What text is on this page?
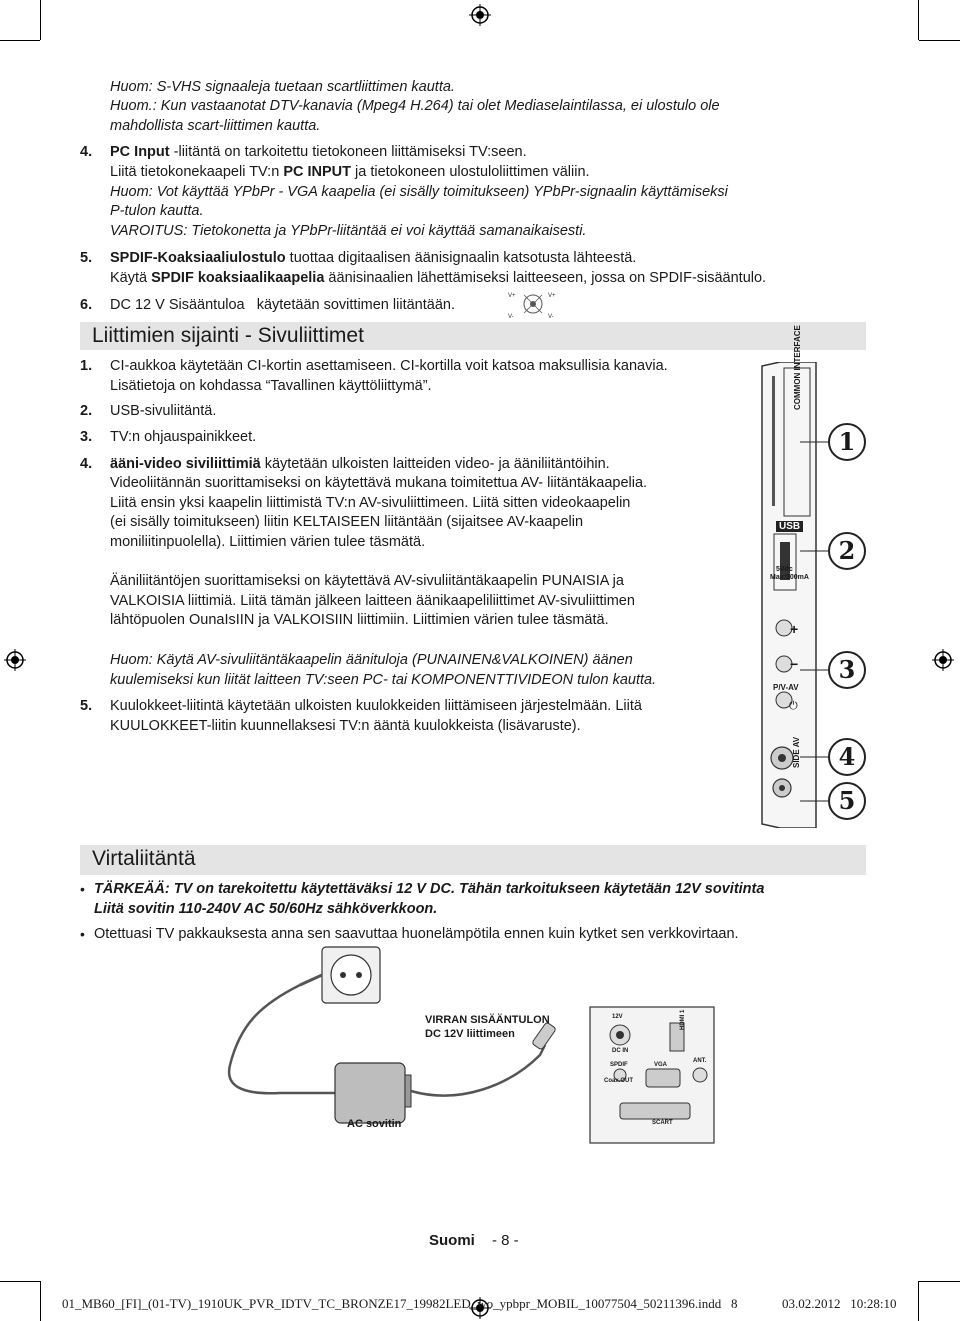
Huom: S-VHS signaaleja tuetaan scartliittimen kautta.
Huom.: Kun vastaanotat DTV-kanavia (Mpeg4 H.264) tai olet Mediaselaintilassa, ei ulostulo ole
mahdollista scart-liittimen kautta.
4. PC Input -liitäntä on tarkoitettu tietokoneen liittämiseksi TV:seen.
Liitä tietokonekaapeli TV:n PC INPUT ja tietokoneen ulostuloliittimen väliin.
Huom: Vot käyttää YPbPr - VGA kaapelia (ei sisälly toimitukseen) YPbPr-signaalin käyttämiseksi
P-tulon kautta.
VAROITUS: Tietokonetta ja YPbPr-liitäntää ei voi käyttää samanaikaisesti.
5. SPDIF-Koaksiaaliulostulo tuottaa digitaalisen äänisignaalin katsotusta lähteestä.
Käytä SPDIF koaksiaalikaapelia äänisinaalien lähettämiseksi laitteeseen, jossa on SPDIF-sisääntulo.
6. DC 12 V Sisääntuloa   käytetään sovittimen liitäntään.
V+	V+
V-	V-
Liittimien sijainti - Sivuliittimet
1. CI-aukkoa käytetään CI-kortin asettamiseen. CI-kortilla voit katsoa maksullisia kanavia.
Lisätietoja on kohdassa “Tavallinen käyttöliittymä”.
2. USB-sivuliitäntä.
3. TV:n ohjauspainikkeet.
4. ääni-video siviliittimiä käytetään ulkoisten laitteiden video- ja ääniliitäntöihin.
Videoliitännän suorittamiseksi on käytettävä mukana toimitettua AV- liitäntäkaapelia.
Liitä ensin yksi kaapelin liittimistä TV:n AV-sivuliittimeen. Liitä sitten videokaapelin
(ei sisälly toimitukseen) liitin KELTAISEEN liitäntään (sijaitsee AV-kaapelin
moniliitinpuolella). Liittimien värien tulee täsmätä.
Ääniliitäntöjen suorittamiseksi on käytettävä AV-sivuliitäntäkaapelin PUNAISIA ja
VALKOISIA liittimiä. Liitä tämän jälkeen laitteen äänikaapeliliittimet AV-sivuliittimen
lähtöpuolen OunaIsIIN ja VALKOISIIN liittimiin. Liittimien värien tulee täsmätä.
Huom: Käytä AV-sivuliitäntäkaapelin äänituloja (PUNAINEN&VALKOINEN) äänen
kuulemiseksi kun liität laitteen TV:seen PC- tai KOMPONENTTIVIDEON tulon kautta.
5. Kuulokkeet-liitintä käytetään ulkoisten kuulokkeiden liittämiseen järjestelmään. Liitä
KUULOKKEET-liitin kuunnellaksesi TV:n ääntä kuulokkeista (lisävaruste).
COMMON INTERFACE
USB
5Vdc
Max:500mA
+
−
P/V-AV
⏻
SIDE AV
1
2
3
4
5
Virtaliitäntä
• TÄRKEÄÄ: TV on tarekoitettu käytettäväksi 12 V DC. Tähän tarkoitukseen käytetään 12V sovitinta
Liitä sovitin 110-240V AC 50/60Hz sähköverkkoon.
• Otettuasi TV pakkauksesta anna sen saavuttaa huonelämpötila ennen kuin kytket sen verkkovirtaan.
AC sovitin
VIRRAN SISÄÄNTULON
DC 12V liittimeen
12V
DC IN
HDMI 1
VGA
ANT.
SPDIF
Coax.OUT
SCART
Suomi - 8 -
01_MB60_[FI]_(01-TV)_1910UK_PVR_IDTV_TC_BRONZE17_19982LED_wo_ypbpr_MOBIL_10077504_50211396.indd   8	03.02.2012   10:28:10
